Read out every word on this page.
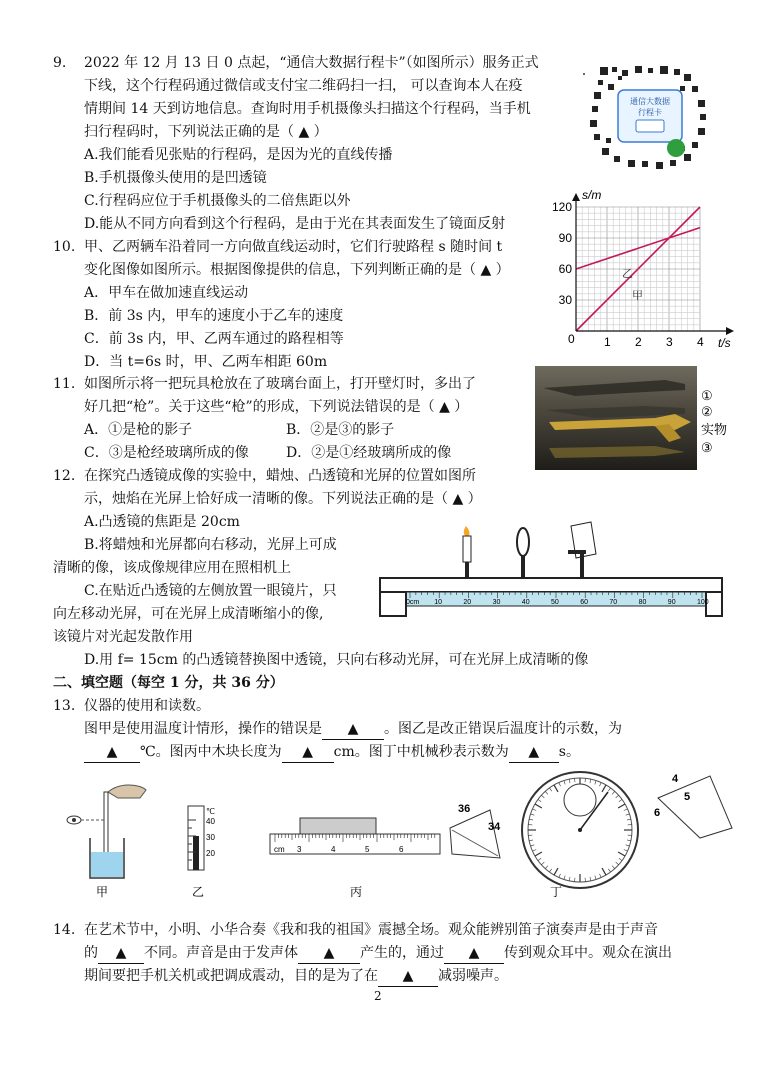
9. 2022 年 12 月 13 日 0 点起，“通信大数据行程卡”（如图所示）服务正式
下线，这个行程码通过微信或支付宝二维码扫一扫， 可以查询本人在疫
情期间 14 天到访地信息。查询时用手机摄像头扫描这个行程码，当手机
扫行程码时，下列说法正确的是（ ▲ ）
A.我们能看见张贴的行程码，是因为光的直线传播
B.手机摄像头使用的是凹透镜
C.行程码应位于手机摄像头的二倍焦距以外
D.能从不同方向看到这个行程码，是由于光在其表面发生了镜面反射
通信大数据
行程卡
10. 甲、乙两辆车沿着同一方向做直线运动时，它们行驶路程 s 随时间 t
变化图像如图所示。根据图像提供的信息，下列判断正确的是（ ▲ ）
A．甲车在做加速直线运动
B．前 3s 内，甲车的速度小于乙车的速度
C．前 3s 内，甲、乙两车通过的路程相等
D．当 t=6s 时，甲、乙两车相距 60m
1 2 3 4
30
60
90
120
s/m
t/s
0
乙
甲
11. 如图所示将一把玩具枪放在了玻璃台面上，打开壁灯时，多出了
好几把“枪”。关于这些“枪”的形成，下列说法错误的是（ ▲ ）
A．①是枪的影子	B．②是③的影子
C．③是枪经玻璃所成的像	D．②是①经玻璃所成的像
①
②
实物
③
12. 在探究凸透镜成像的实验中，蜡烛、凸透镜和光屏的位置如图所
示，烛焰在光屏上恰好成一清晰的像。下列说法正确的是（ ▲ ）
A.凸透镜的焦距是 20cm
B.将蜡烛和光屏都向右移动，光屏上可成
清晰的像，该成像规律应用在照相机上
C.在贴近凸透镜的左侧放置一眼镜片，只
向左移动光屏，可在光屏上成清晰缩小的像,
该镜片对光起发散作用
D.用 f= 15cm 的凸透镜替换图中透镜，只向右移动光屏，可在光屏上成清晰的像
0cm 10	20	30	40	50	60	70	80	90	100
二、填空题（每空 1 分，共 36 分）
13. 仪器的使用和读数。
图甲是使用温度计情形，操作的错误是 ▲ 。图乙是改正错误后温度计的示数，为
▲ ℃。图丙中木块长度为 ▲ cm。图丁中机械秒表示数为 ▲ s。
甲
℃
40
30
20
乙
cm 3	4	5	6
丙
36
34
4
5
6
丁
14. 在艺术节中，小明、小华合奏《我和我的祖国》震撼全场。观众能辨别笛子演奏声是由于声音
的 ▲ 不同。声音是由于发声体 ▲ 产生的，通过 ▲ 传到观众耳中。观众在演出
期间要把手机关机或把调成震动，目的是为了在 ▲ 减弱噪声。
2
